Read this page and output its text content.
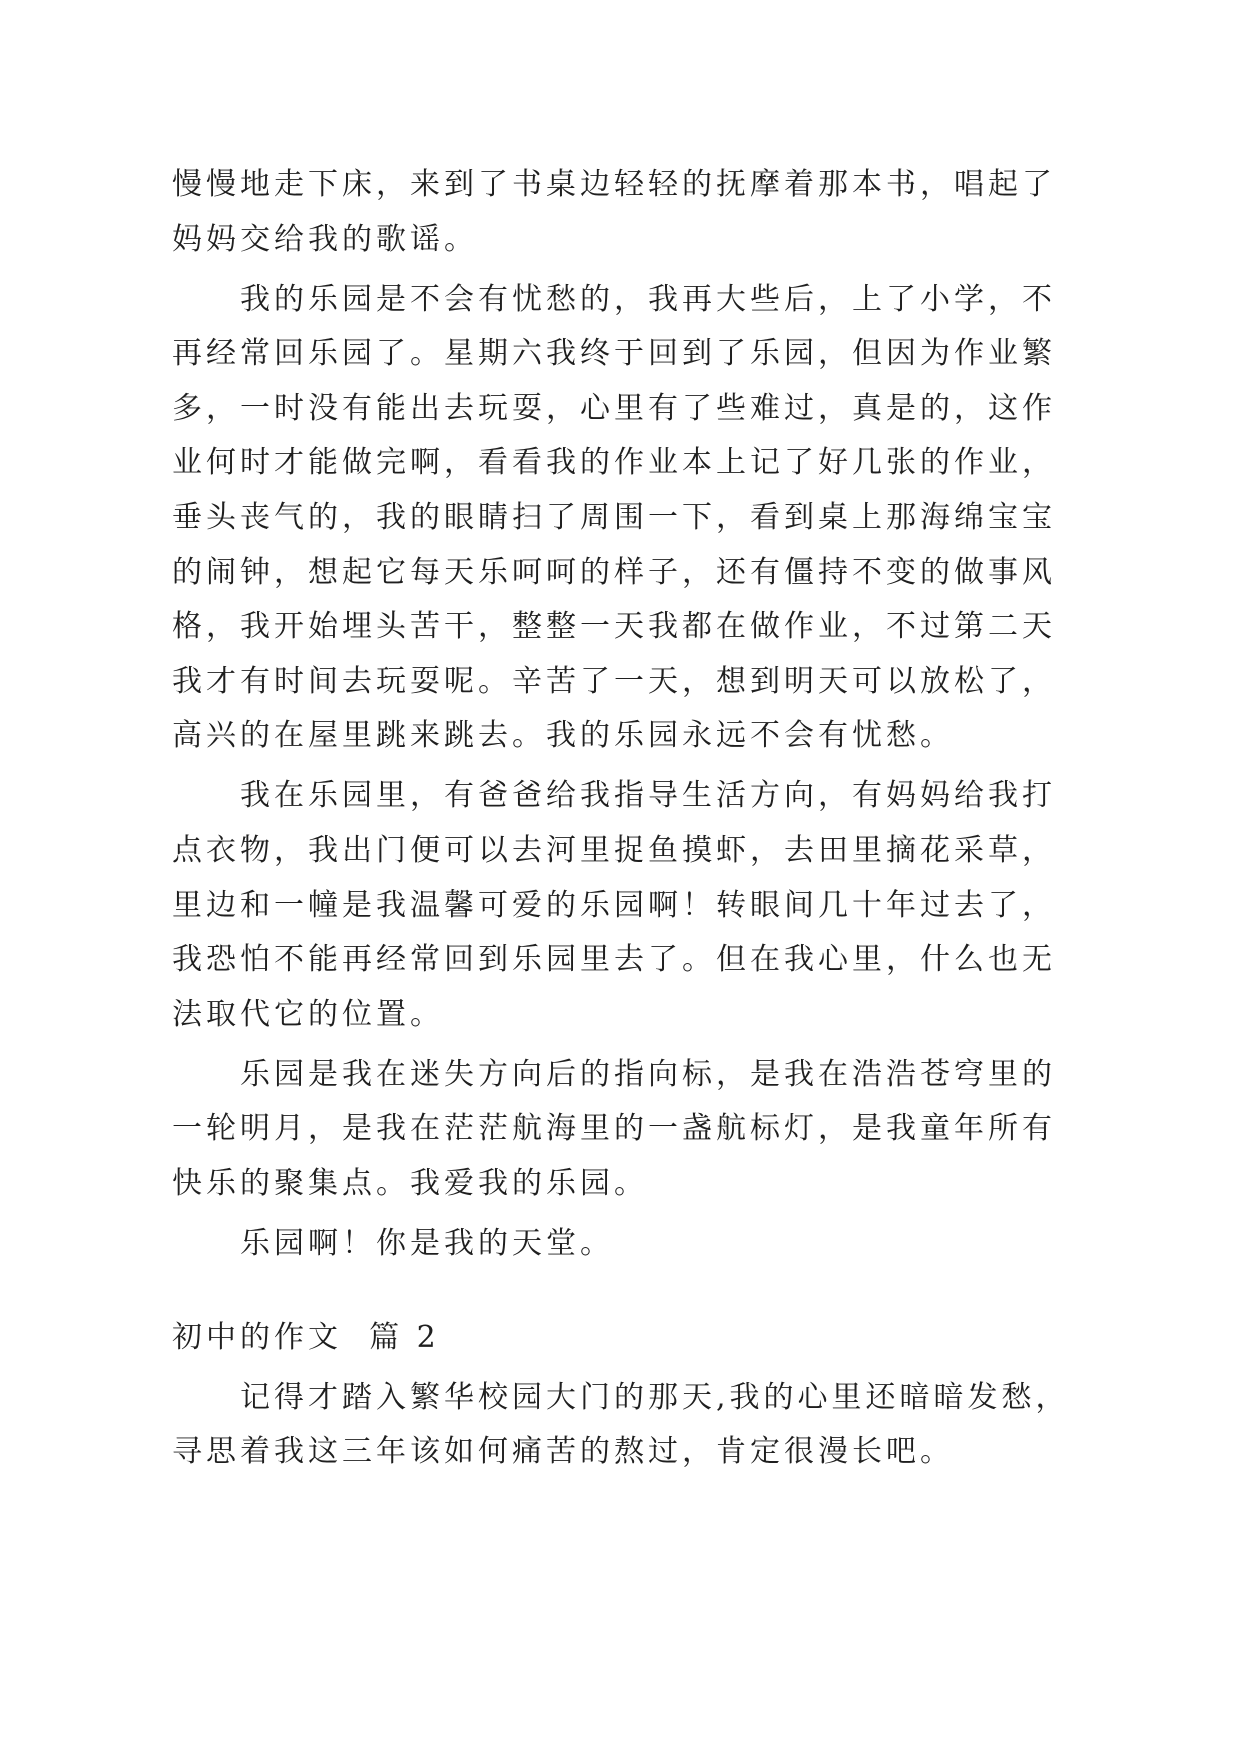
慢慢地走下床，来到了书桌边轻轻的抚摩着那本书，唱起了
妈妈交给我的歌谣。
我的乐园是不会有忧愁的，我再大些后，上了小学，不
再经常回乐园了。星期六我终于回到了乐园，但因为作业繁
多，一时没有能出去玩耍，心里有了些难过，真是的，这作
业何时才能做完啊，看看我的作业本上记了好几张的作业，
垂头丧气的，我的眼睛扫了周围一下，看到桌上那海绵宝宝
的闹钟，想起它每天乐呵呵的样子，还有僵持不变的做事风
格，我开始埋头苦干，整整一天我都在做作业，不过第二天
我才有时间去玩耍呢。辛苦了一天，想到明天可以放松了，
高兴的在屋里跳来跳去。我的乐园永远不会有忧愁。
我在乐园里，有爸爸给我指导生活方向，有妈妈给我打
点衣物，我出门便可以去河里捉鱼摸虾，去田里摘花采草，
里边和一幢是我温馨可爱的乐园啊！转眼间几十年过去了，
我恐怕不能再经常回到乐园里去了。但在我心里，什么也无
法取代它的位置。
乐园是我在迷失方向后的指向标，是我在浩浩苍穹里的
一轮明月，是我在茫茫航海里的一盏航标灯，是我童年所有
快乐的聚集点。我爱我的乐园。
乐园啊！你是我的天堂。
初中的作文  篇 2
记得才踏入繁华校园大门的那天,我的心里还暗暗发愁，
寻思着我这三年该如何痛苦的熬过，肯定很漫长吧。
